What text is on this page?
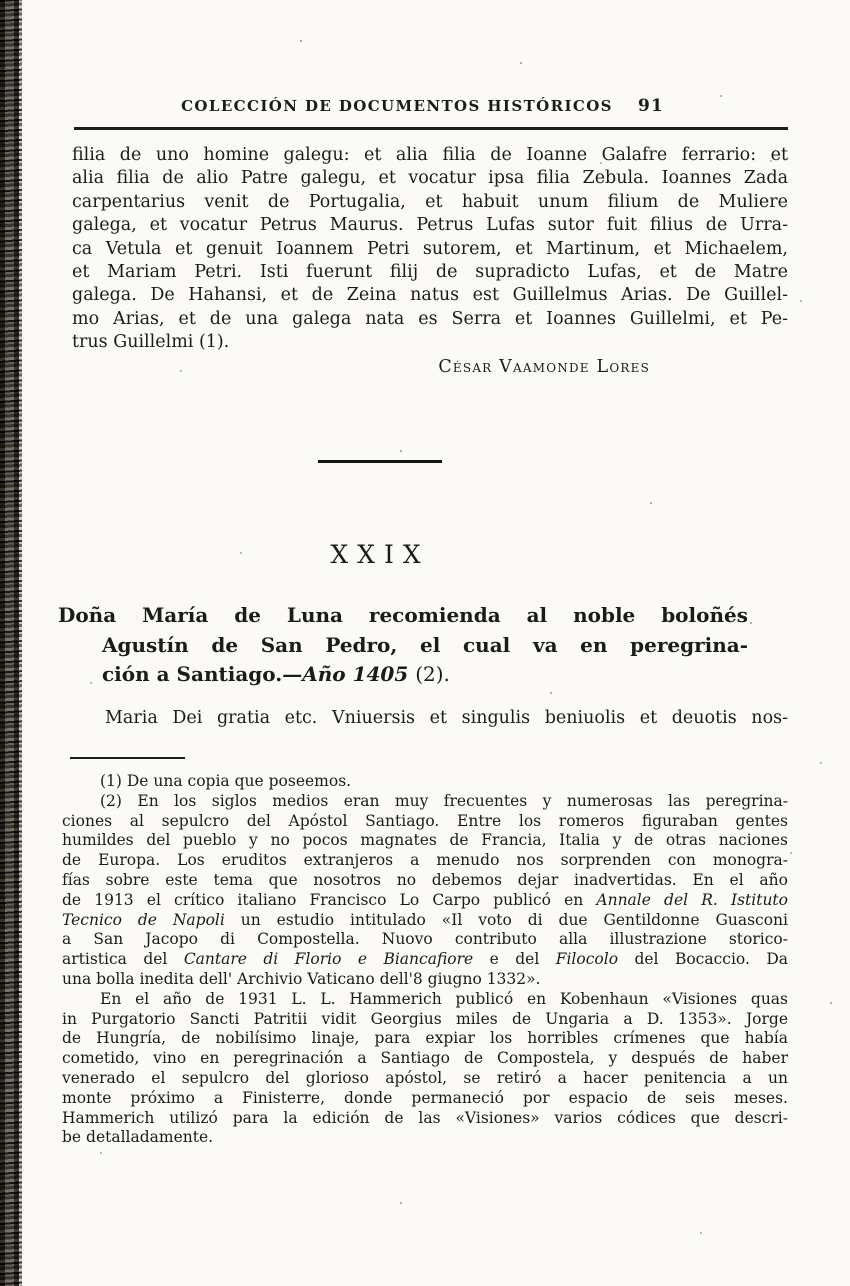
COLECCIÓN DE DOCUMENTOS HISTÓRICOS	91
filia de uno homine galegu: et alia filia de Ioanne Galafre ferrario: et
alia filia de alio Patre galegu, et vocatur ipsa filia Zebula. Ioannes Zada
carpentarius venit de Portugalia, et habuit unum filium de Muliere
galega, et vocatur Petrus Maurus. Petrus Lufas sutor fuit filius de Urra-
ca Vetula et genuit Ioannem Petri sutorem, et Martinum, et Michaelem,
et Mariam Petri. Isti fuerunt filij de supradicto Lufas, et de Matre
galega. De Hahansi, et de Zeina natus est Guillelmus Arias. De Guillel-
mo Arias, et de una galega nata es Serra et Ioannes Guillelmi, et Pe-
trus Guillelmi (1).
César Vaamonde Lores
XXIX
Doña María de Luna recomienda al noble boloñés
Agustín de San Pedro, el cual va en peregrina-
ción a Santiago.—Año 1405 (2).
Maria Dei gratia etc. Vniuersis et singulis beniuolis et deuotis nos-
(1) De una copia que poseemos.
(2) En los siglos medios eran muy frecuentes y numerosas las peregrina-
ciones al sepulcro del Apóstol Santiago. Entre los romeros figuraban gentes
humildes del pueblo y no pocos magnates de Francia, Italia y de otras naciones
de Europa. Los eruditos extranjeros a menudo nos sorprenden con monogra-
fías sobre este tema que nosotros no debemos dejar inadvertidas. En el año
de 1913 el crítico italiano Francisco Lo Carpo publicó en Annale del R. Istituto
Tecnico de Napoli un estudio intitulado «Il voto di due Gentildonne Guasconi
a San Jacopo di Compostella. Nuovo contributo alla illustrazione storico-
artistica del Cantare di Florio e Biancafiore e del Filocolo del Bocaccio. Da
una bolla inedita dell' Archivio Vaticano dell'8 giugno 1332».
En el año de 1931 L. L. Hammerich publicó en Kobenhaun «Visiones quas
in Purgatorio Sancti Patritii vidit Georgius miles de Ungaria a D. 1353». Jorge
de Hungría, de nobilísimo linaje, para expiar los horribles crímenes que había
cometido, vino en peregrinación a Santiago de Compostela, y después de haber
venerado el sepulcro del glorioso apóstol, se retiró a hacer penitencia a un
monte próximo a Finisterre, donde permaneció por espacio de seis meses.
Hammerich utilizó para la edición de las «Visiones» varios códices que descri-
be detalladamente.
